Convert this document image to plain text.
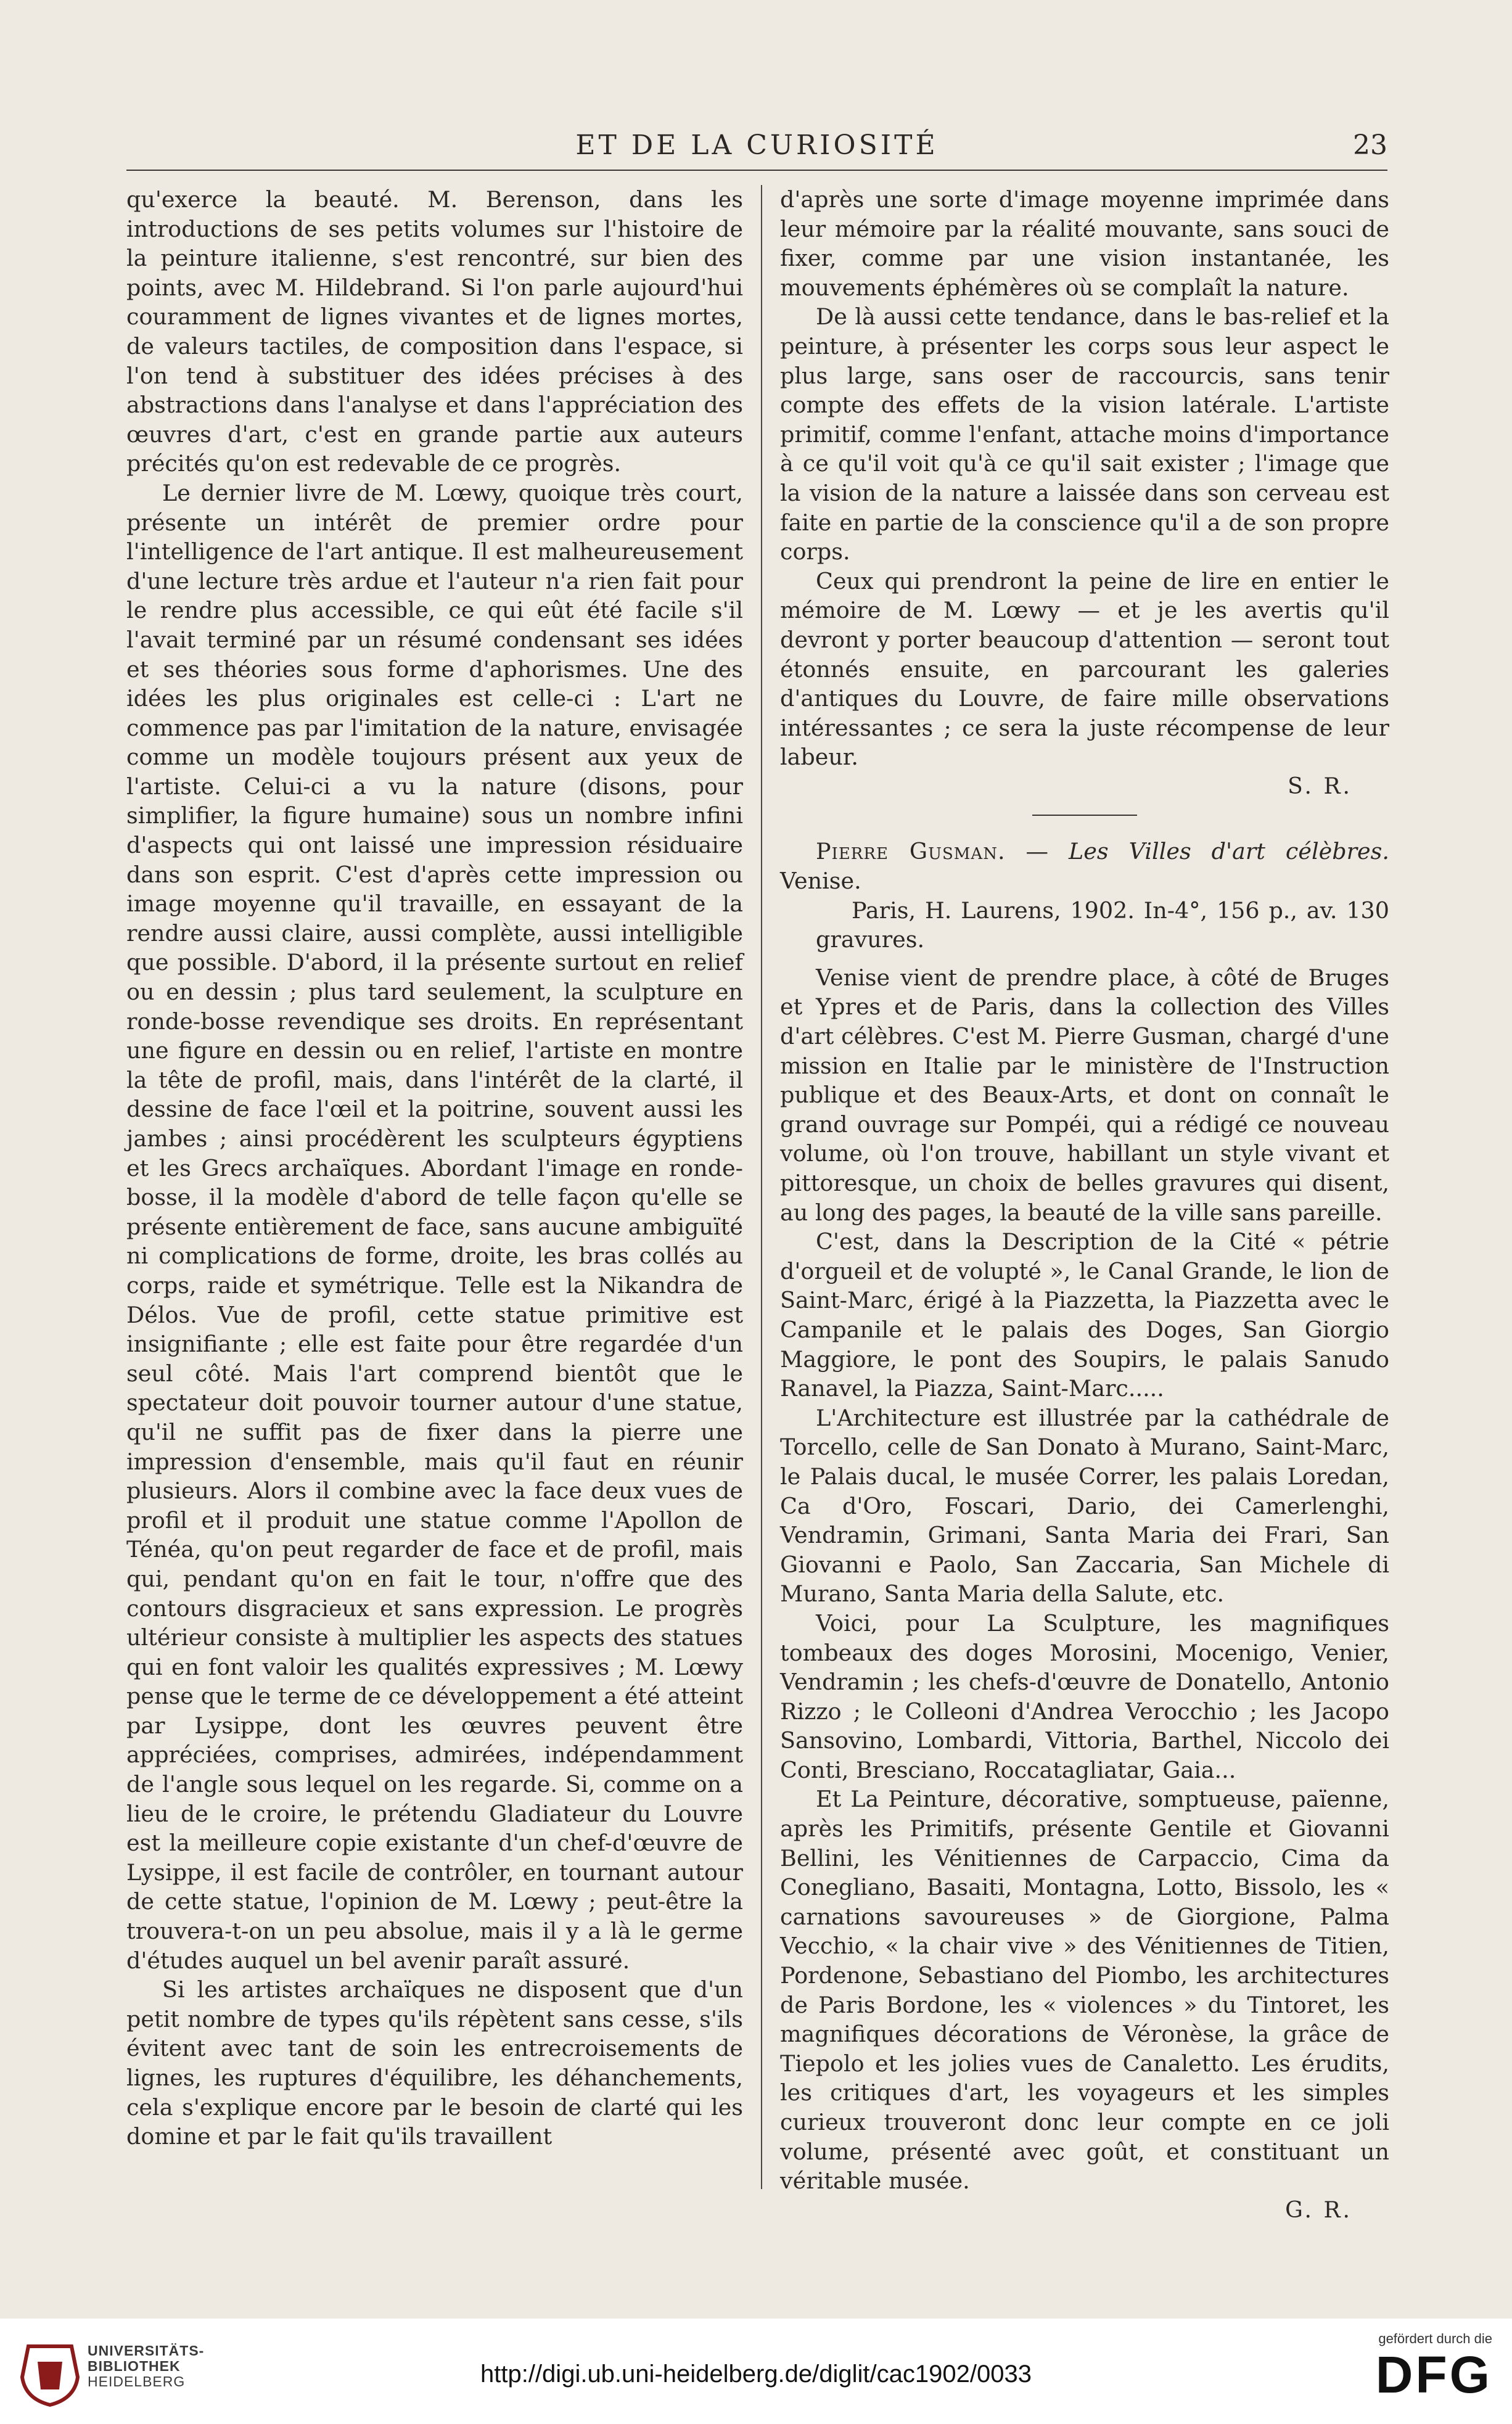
ET DE LA CURIOSITÉ	23

qu'exerce la beauté. M. Berenson, dans les introductions de ses petits volumes sur l'histoire de la peinture italienne, s'est rencontré, sur bien des points, avec M. Hildebrand. Si l'on parle aujourd'hui couramment de lignes vivantes et de lignes mortes, de valeurs tactiles, de composition dans l'espace, si l'on tend à substituer des idées précises à des abstractions dans l'analyse et dans l'appréciation des œuvres d'art, c'est en grande partie aux auteurs précités qu'on est redevable de ce progrès.

Le dernier livre de M. Lœwy, quoique très court, présente un intérêt de premier ordre pour l'intelligence de l'art antique. Il est malheureusement d'une lecture très ardue et l'auteur n'a rien fait pour le rendre plus accessible, ce qui eût été facile s'il l'avait terminé par un résumé condensant ses idées et ses théories sous forme d'aphorismes. Une des idées les plus originales est celle-ci : L'art ne commence pas par l'imitation de la nature, envisagée comme un modèle toujours présent aux yeux de l'artiste. Celui-ci a vu la nature (disons, pour simplifier, la figure humaine) sous un nombre infini d'aspects qui ont laissé une impression résiduaire dans son esprit. C'est d'après cette impression ou image moyenne qu'il travaille, en essayant de la rendre aussi claire, aussi complète, aussi intelligible que possible. D'abord, il la présente surtout en relief ou en dessin ; plus tard seulement, la sculpture en ronde-bosse revendique ses droits. En représentant une figure en dessin ou en relief, l'artiste en montre la tête de profil, mais, dans l'intérêt de la clarté, il dessine de face l'œil et la poitrine, souvent aussi les jambes ; ainsi procédèrent les sculpteurs égyptiens et les Grecs archaïques. Abordant l'image en ronde-bosse, il la modèle d'abord de telle façon qu'elle se présente entièrement de face, sans aucune ambiguïté ni complications de forme, droite, les bras collés au corps, raide et symétrique. Telle est la Nikandra de Délos. Vue de profil, cette statue primitive est insignifiante ; elle est faite pour être regardée d'un seul côté. Mais l'art comprend bientôt que le spectateur doit pouvoir tourner autour d'une statue, qu'il ne suffit pas de fixer dans la pierre une impression d'ensemble, mais qu'il faut en réunir plusieurs. Alors il combine avec la face deux vues de profil et il produit une statue comme l'Apollon de Ténéa, qu'on peut regarder de face et de profil, mais qui, pendant qu'on en fait le tour, n'offre que des contours disgracieux et sans expression. Le progrès ultérieur consiste à multiplier les aspects des statues qui en font valoir les qualités expressives ; M. Lœwy pense que le terme de ce développement a été atteint par Lysippe, dont les œuvres peuvent être appréciées, comprises, admirées, indépendamment de l'angle sous lequel on les regarde. Si, comme on a lieu de le croire, le prétendu Gladiateur du Louvre est la meilleure copie existante d'un chef-d'œuvre de Lysippe, il est facile de contrôler, en tournant autour de cette statue, l'opinion de M. Lœwy ; peut-être la trouvera-t-on un peu absolue, mais il y a là le germe d'études auquel un bel avenir paraît assuré.

Si les artistes archaïques ne disposent que d'un petit nombre de types qu'ils répètent sans cesse, s'ils évitent avec tant de soin les entrecroisements de lignes, les ruptures d'équilibre, les déhanchements, cela s'explique encore par le besoin de clarté qui les domine et par le fait qu'ils travaillent

d'après une sorte d'image moyenne imprimée dans leur mémoire par la réalité mouvante, sans souci de fixer, comme par une vision instantanée, les mouvements éphémères où se complaît la nature.

De là aussi cette tendance, dans le bas-relief et la peinture, à présenter les corps sous leur aspect le plus large, sans oser de raccourcis, sans tenir compte des effets de la vision latérale. L'artiste primitif, comme l'enfant, attache moins d'importance à ce qu'il voit qu'à ce qu'il sait exister ; l'image que la vision de la nature a laissée dans son cerveau est faite en partie de la conscience qu'il a de son propre corps.

Ceux qui prendront la peine de lire en entier le mémoire de M. Lœwy — et je les avertis qu'il devront y porter beaucoup d'attention — seront tout étonnés ensuite, en parcourant les galeries d'antiques du Louvre, de faire mille observations intéressantes ; ce sera la juste récompense de leur labeur.

S. R.

Pierre Gusman. — Les Villes d'art célèbres. Venise.
Paris, H. Laurens, 1902. In-4°, 156 p., av. 130 gravures.

Venise vient de prendre place, à côté de Bruges et Ypres et de Paris, dans la collection des Villes d'art célèbres. C'est M. Pierre Gusman, chargé d'une mission en Italie par le ministère de l'Instruction publique et des Beaux-Arts, et dont on connaît le grand ouvrage sur Pompéi, qui a rédigé ce nouveau volume, où l'on trouve, habillant un style vivant et pittoresque, un choix de belles gravures qui disent, au long des pages, la beauté de la ville sans pareille.

C'est, dans la Description de la Cité « pétrie d'orgueil et de volupté », le Canal Grande, le lion de Saint-Marc, érigé à la Piazzetta, la Piazzetta avec le Campanile et le palais des Doges, San Giorgio Maggiore, le pont des Soupirs, le palais Sanudo Ranavel, la Piazza, Saint-Marc.....

L'Architecture est illustrée par la cathédrale de Torcello, celle de San Donato à Murano, Saint-Marc, le Palais ducal, le musée Correr, les palais Loredan, Ca d'Oro, Foscari, Dario, dei Camerlenghi, Vendramin, Grimani, Santa Maria dei Frari, San Giovanni e Paolo, San Zaccaria, San Michele di Murano, Santa Maria della Salute, etc.

Voici, pour La Sculpture, les magnifiques tombeaux des doges Morosini, Mocenigo, Venier, Vendramin ; les chefs-d'œuvre de Donatello, Antonio Rizzo ; le Colleoni d'Andrea Verocchio ; les Jacopo Sansovino, Lombardi, Vittoria, Barthel, Niccolo dei Conti, Bresciano, Roccatagliatar, Gaia...

Et La Peinture, décorative, somptueuse, païenne, après les Primitifs, présente Gentile et Giovanni Bellini, les Vénitiennes de Carpaccio, Cima da Conegliano, Basaiti, Montagna, Lotto, Bissolo, les « carnations savoureuses » de Giorgione, Palma Vecchio, « la chair vive » des Vénitiennes de Titien, Pordenone, Sebastiano del Piombo, les architectures de Paris Bordone, les « violences » du Tintoret, les magnifiques décorations de Véronèse, la grâce de Tiepolo et les jolies vues de Canaletto. Les érudits, les critiques d'art, les voyageurs et les simples curieux trouveront donc leur compte en ce joli volume, présenté avec goût, et constituant un véritable musée.

G. R.

UNIVERSITÄTS-
BIBLIOTHEK
HEIDELBERG	http://digi.ub.uni-heidelberg.de/diglit/cac1902/0033
gefördert durch die
DFG
